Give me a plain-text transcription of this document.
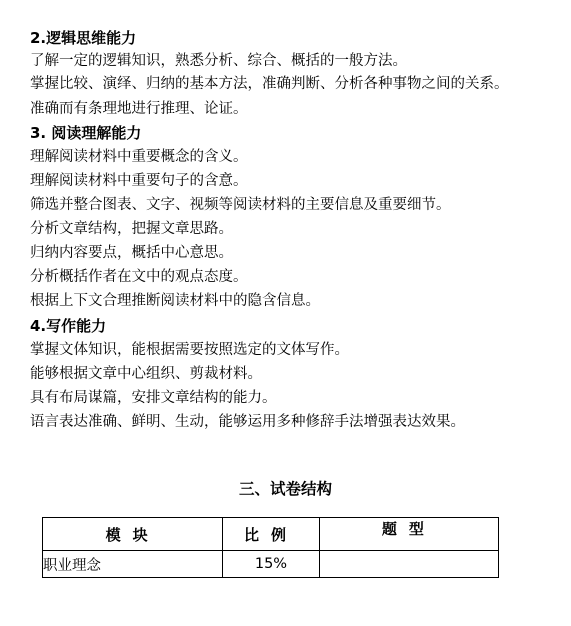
2.逻辑思维能力
了解一定的逻辑知识，熟悉分析、综合、概括的一般方法。
掌握比较、演绎、归纳的基本方法，准确判断、分析各种事物之间的关系。
准确而有条理地进行推理、论证。
3. 阅读理解能力
理解阅读材料中重要概念的含义。
理解阅读材料中重要句子的含意。
筛选并整合图表、文字、视频等阅读材料的主要信息及重要细节。
分析文章结构，把握文章思路。
归纳内容要点，概括中心意思。
分析概括作者在文中的观点态度。
根据上下文合理推断阅读材料中的隐含信息。
4.写作能力
掌握文体知识，能根据需要按照选定的文体写作。
能够根据文章中心组织、剪裁材料。
具有布局谋篇，安排文章结构的能力。
语言表达准确、鲜明、生动，能够运用多种修辞手法增强表达效果。
三、试卷结构
模块	比例	题型
职业理念	15%	
